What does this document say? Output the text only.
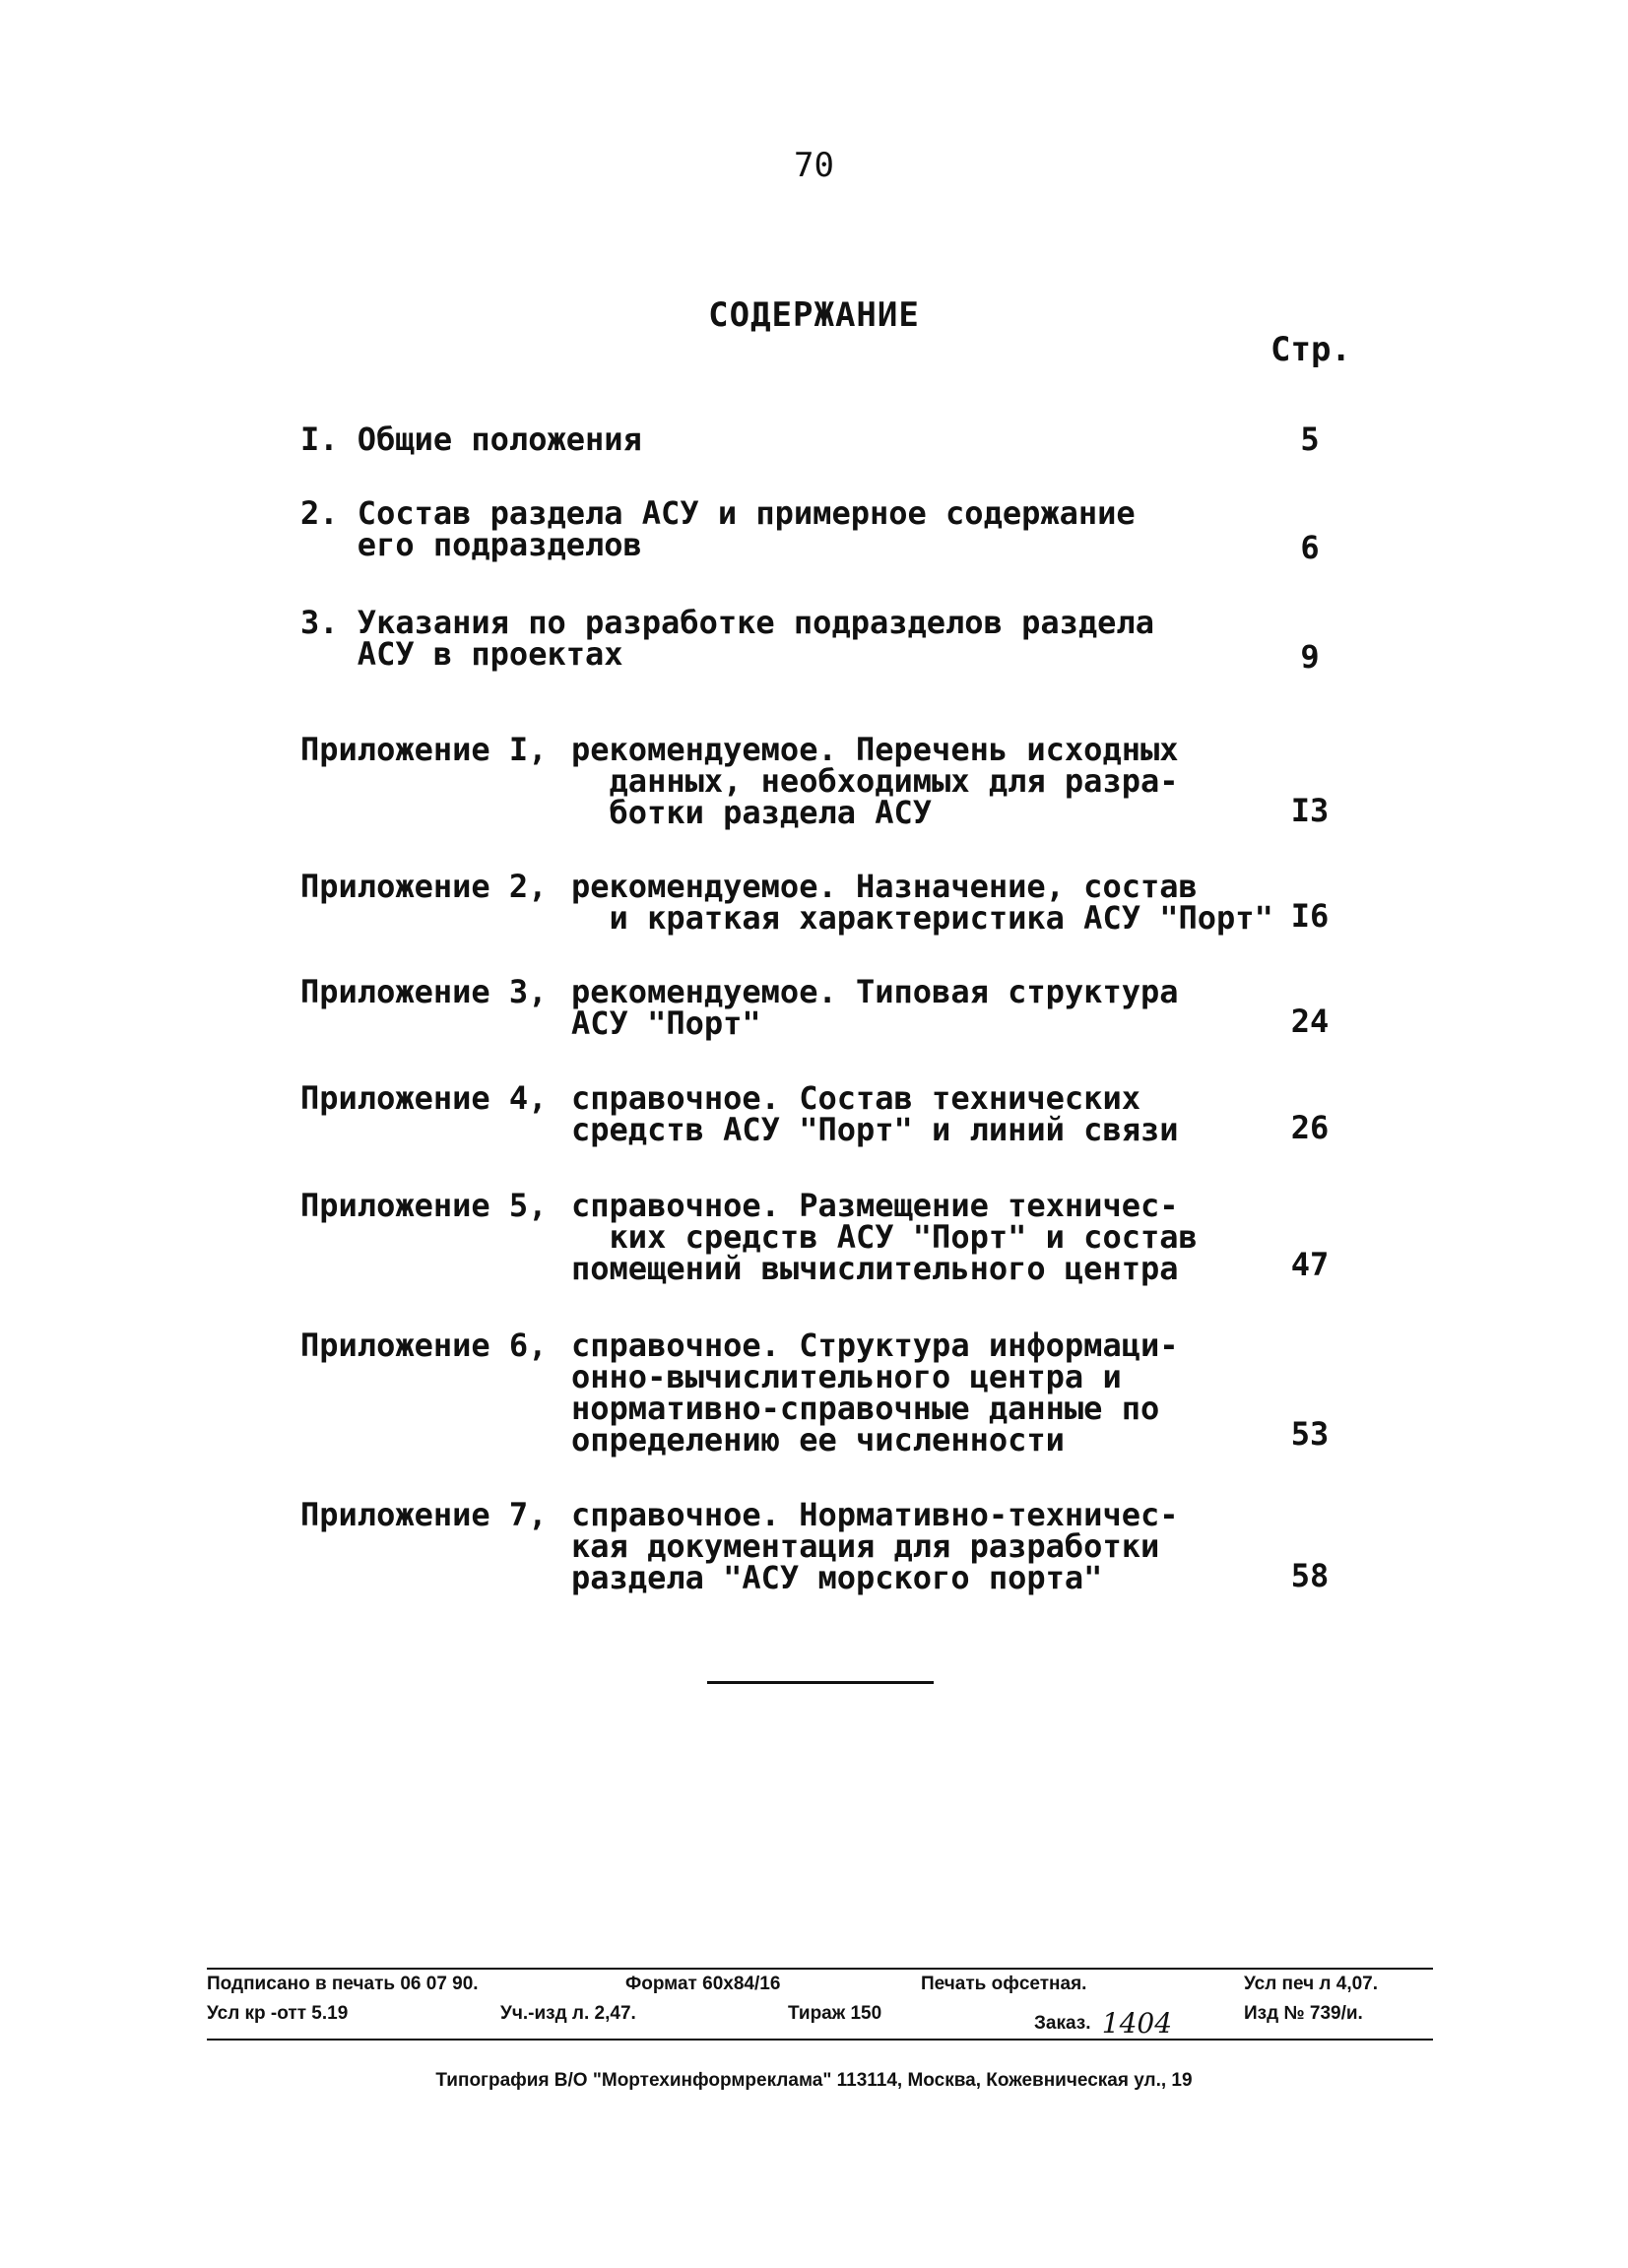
70
СОДЕРЖАНИЕ
Стр.
I. Общие положения	5
2. Состав раздела АСУ и примерное содержание
его подразделов	6
3. Указания по разработке подразделов раздела
АСУ в проектах	9
Приложение I, рекомендуемое. Перечень исходных
данных, необходимых для разра-
ботки раздела АСУ	I3
Приложение 2, рекомендуемое. Назначение, состав
и краткая характеристика АСУ "Порт" I6
Приложение 3, рекомендуемое. Типовая структура
АСУ "Порт"	24
Приложение 4, справочное. Состав технических
средств АСУ "Порт" и линий связи	26
Приложение 5, справочное. Размещение техничес-
ких средств АСУ "Порт" и состав
помещений вычислительного центра	47
Приложение 6, справочное. Структура информаци-
онно-вычислительного центра и
нормативно-справочные данные по
определению ее численности	53
Приложение 7, справочное. Нормативно-техничес-
кая документация для разработки
раздела "АСУ морского порта"	58
Подписано в печать 06 07 90.	Формат 60х84/16	Печать офсетная.	Усл печ л 4,07.
Усл кр -отт 5.19	Уч.-изд л. 2,47.	Тираж 150	Заказ. 1404	Изд № 739/и.
Типография В/О "Мортехинформреклама" 113114, Москва, Кожевническая ул., 19
